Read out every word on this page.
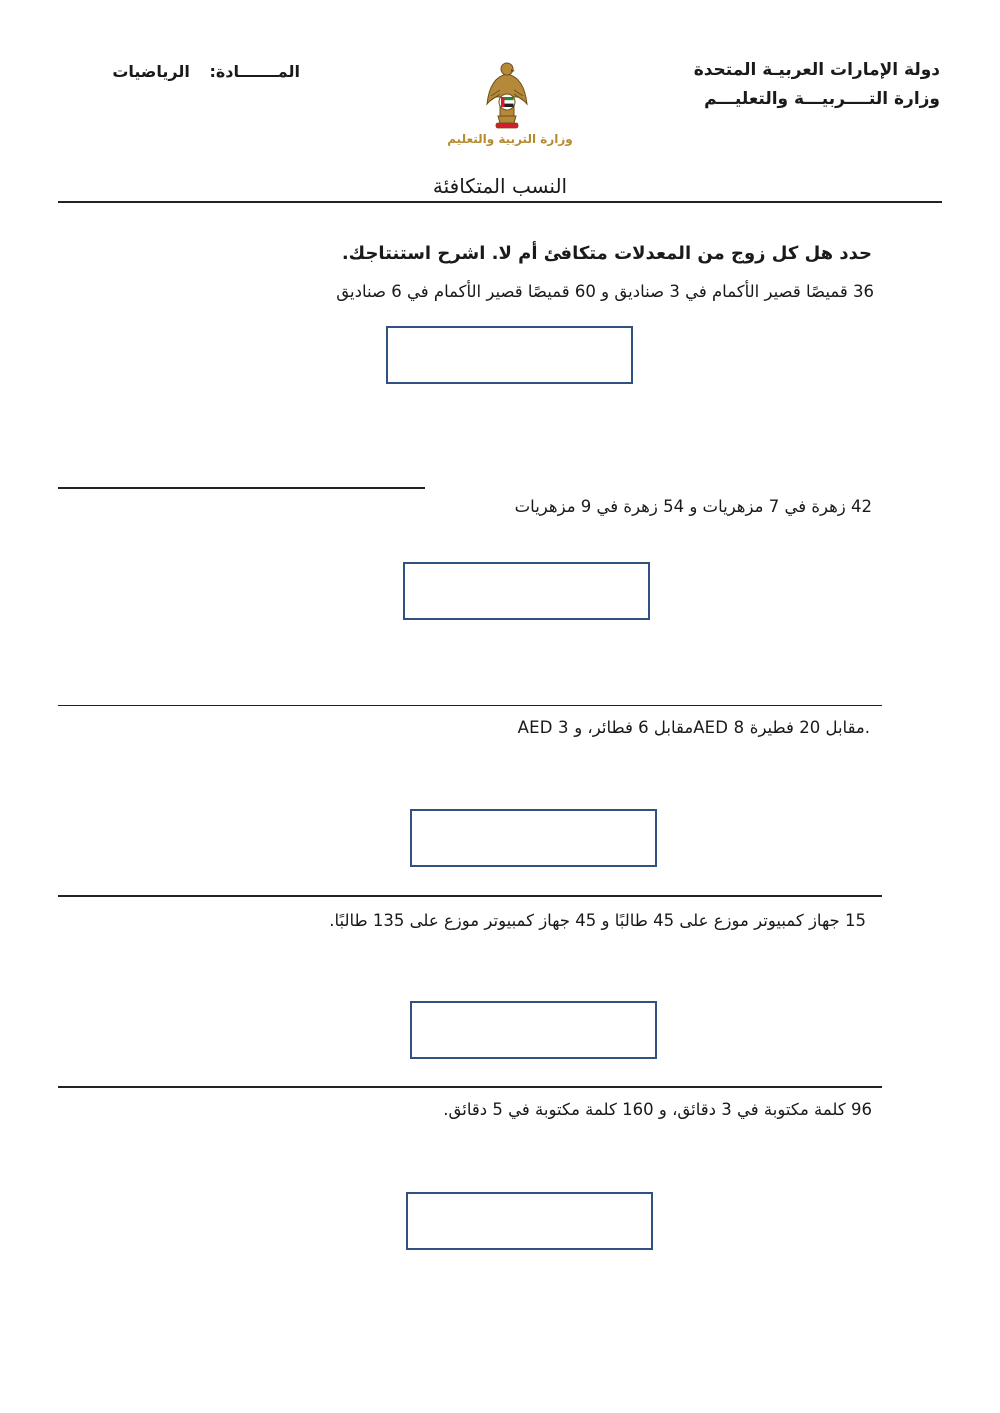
دولة الإمارات العربيـة المتحدة
وزارة التــــربيـــة والتعليـــم
المـــــــادة: الرياضيات
وزارة التربية والتعليم
النسب المتكافئة
حدد هل كل زوج من المعدلات متكافئ أم لا. اشرح استنتاجك.
36 قميصًا قصير الأكمام في 3 صناديق و 60 قميصًا قصير الأكمام في 6 صناديق
42 زهرة في 7 مزهريات و 54 زهرة في 9 مزهريات
AED 3 مقابل 6 فطائر، وAED 8 مقابل 20 فطيرة.
15 جهاز كمبيوتر موزع على 45 طالبًا و 45 جهاز كمبيوتر موزع على 135 طالبًا.
96 كلمة مكتوبة في 3 دقائق، و 160 كلمة مكتوبة في 5 دقائق.
